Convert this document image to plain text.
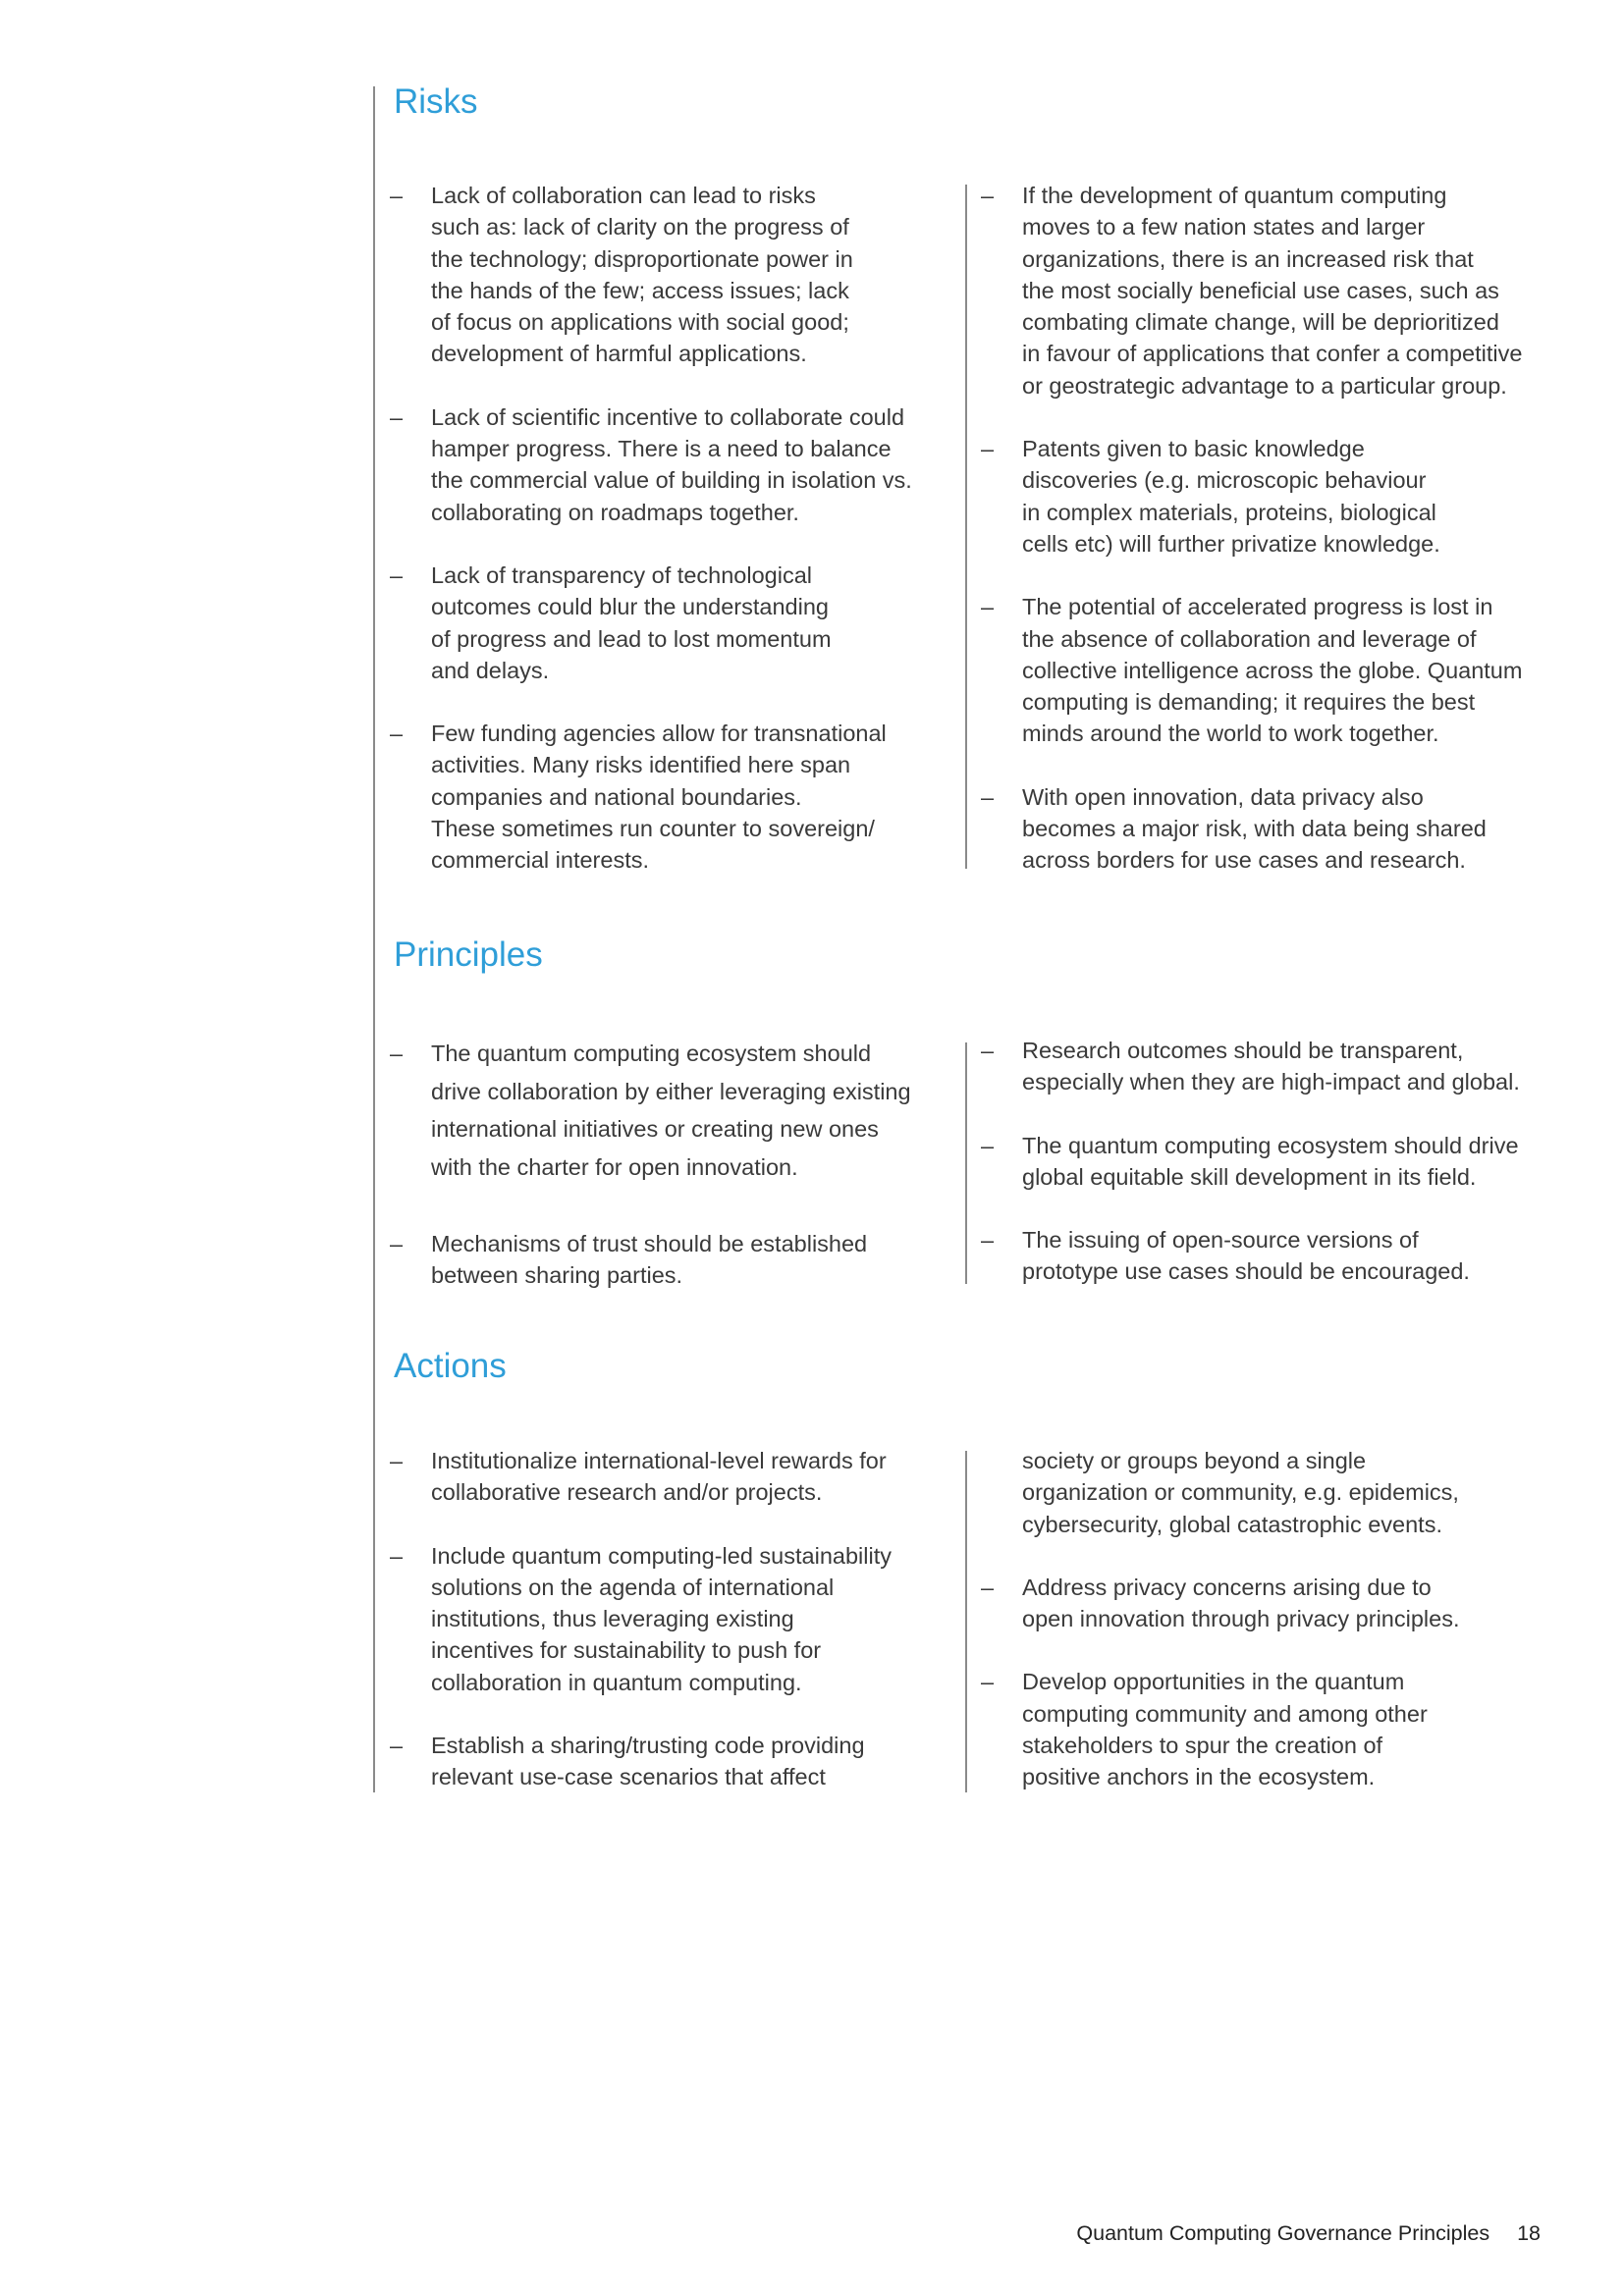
Risks
– Lack of collaboration can lead to risks
such as: lack of clarity on the progress of
the technology; disproportionate power in
the hands of the few; access issues; lack
of focus on applications with social good;
development of harmful applications.
– Lack of scientific incentive to collaborate could
hamper progress. There is a need to balance
the commercial value of building in isolation vs.
collaborating on roadmaps together.
– Lack of transparency of technological
outcomes could blur the understanding
of progress and lead to lost momentum
and delays.
– Few funding agencies allow for transnational
activities. Many risks identified here span
companies and national boundaries.
These sometimes run counter to sovereign/
commercial interests.
– If the development of quantum computing
moves to a few nation states and larger
organizations, there is an increased risk that
the most socially beneficial use cases, such as
combating climate change, will be deprioritized
in favour of applications that confer a competitive
or geostrategic advantage to a particular group.
– Patents given to basic knowledge
discoveries (e.g. microscopic behaviour
in complex materials, proteins, biological
cells etc) will further privatize knowledge.
– The potential of accelerated progress is lost in
the absence of collaboration and leverage of
collective intelligence across the globe. Quantum
computing is demanding; it requires the best
minds around the world to work together.
– With open innovation, data privacy also
becomes a major risk, with data being shared
across borders for use cases and research.
Principles
– The quantum computing ecosystem should
drive collaboration by either leveraging existing
international initiatives or creating new ones
with the charter for open innovation.
– Mechanisms of trust should be established
between sharing parties.
– Research outcomes should be transparent,
especially when they are high-impact and global.
– The quantum computing ecosystem should drive
global equitable skill development in its field.
– The issuing of open-source versions of
prototype use cases should be encouraged.
Actions
– Institutionalize international-level rewards for
collaborative research and/or projects.
– Include quantum computing-led sustainability
solutions on the agenda of international
institutions, thus leveraging existing
incentives for sustainability to push for
collaboration in quantum computing.
– Establish a sharing/trusting code providing
relevant use-case scenarios that affect
society or groups beyond a single
organization or community, e.g. epidemics,
cybersecurity, global catastrophic events.
– Address privacy concerns arising due to
open innovation through privacy principles.
– Develop opportunities in the quantum
computing community and among other
stakeholders to spur the creation of
positive anchors in the ecosystem.
Quantum Computing Governance Principles 18
